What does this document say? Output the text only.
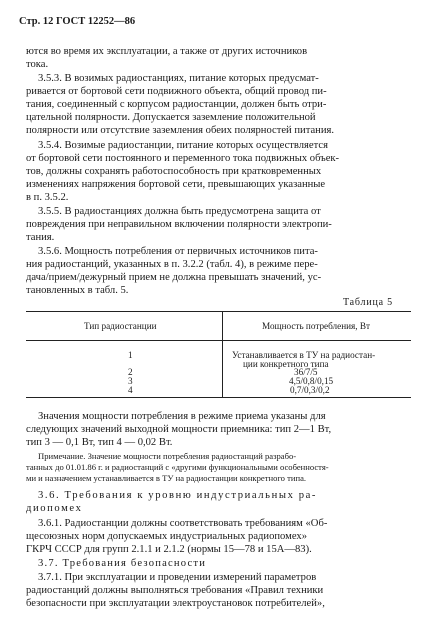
Стр. 12 ГОСТ 12252—86
ются во время их эксплуатации, а также от других источников
тока.
3.5.3. В возимых радиостанциях, питание которых предусмат-
ривается от бортовой сети подвижного объекта, общий провод пи-
тания, соединенный с корпусом радиостанции, должен быть отри-
цательной полярности. Допускается заземление положительной
полярности или отсутствие заземления обеих полярностей питания.
3.5.4. Возимые радиостанции, питание которых осуществляется
от бортовой сети постоянного и переменного тока подвижных объек-
тов, должны сохранять работоспособность при кратковременных
изменениях напряжения бортовой сети, превышающих указанные
в п. 3.5.2.
3.5.5. В радиостанциях должна быть предусмотрена защита от
повреждения при неправильном включении полярности электропи-
тания.
3.5.6. Мощность потребления от первичных источников пита-
ния радиостанций, указанных в п. 3.2.2 (табл. 4), в режиме пере-
дача/прием/дежурный прием не должна превышать значений, ус-
тановленных в табл. 5.
Таблица 5
Тип радиостанции	Мощность потребления, Вт
1	Устанавливается в ТУ на радиостан-
ции конкретного типа
2	36/7/5
3	4,5/0,8/0,15
4	0,7/0,3/0,2
Значения мощности потребления в режиме приема указаны для
следующих значений выходной мощности приемника: тип 2—1 Вт,
тип 3 — 0,1 Вт, тип 4 — 0,02 Вт.
Примечание. Значение мощности потребления радиостанций разрабо-
танных до 01.01.86 г. и радиостанций с «другими функциональными особенностя-
ми и назначением устанавливается в ТУ на радиостанции конкретного типа.
3.6. Требования к уровню индустриальных ра-
диопомех
3.6.1. Радиостанции должны соответствовать требованиям «Об-
щесоюзных норм допускаемых индустриальных радиопомех»
ГКРЧ СССР для групп 2.1.1 и 2.1.2 (нормы 15—78 и 15А—83).
3.7. Требования безопасности
3.7.1. При эксплуатации и проведении измерений параметров
радиостанций должны выполняться требования «Правил техники
безопасности при эксплуатации электроустановок потребителей»,
